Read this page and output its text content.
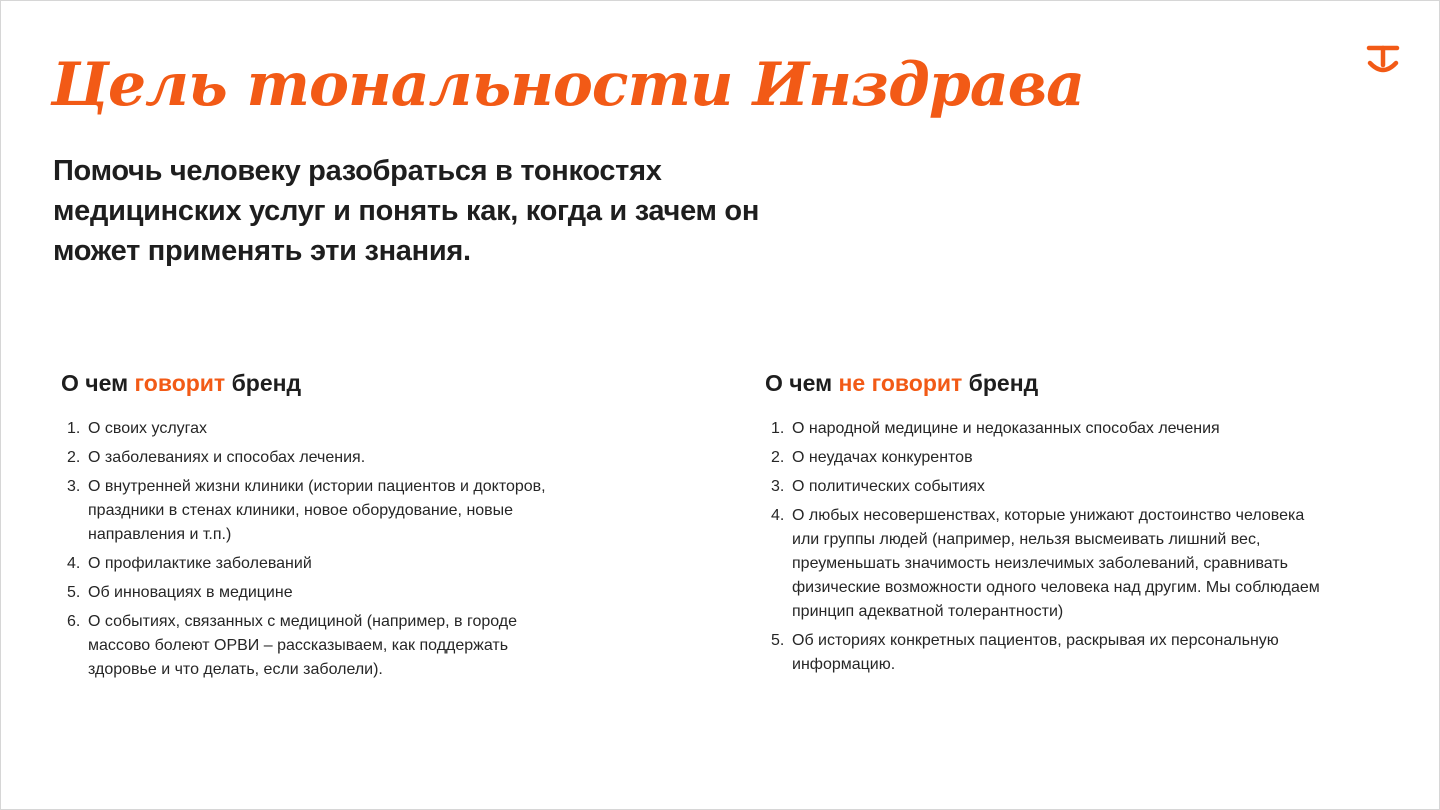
Цель тональности Инздрава

Помочь человеку разобраться в тонкостях медицинских услуг и понять как, когда и зачем он может применять эти знания.

О чем говорит бренд
1. О своих услугах
2. О заболеваниях и способах лечения.
3. О внутренней жизни клиники (истории пациентов и докторов, праздники в стенах клиники, новое оборудование, новые направления и т.п.)
4. О профилактике заболеваний
5. Об инновациях в медицине
6. О событиях, связанных с медициной (например, в городе массово болеют ОРВИ – рассказываем, как поддержать здоровье и что делать, если заболели).
О чем не говорит бренд
1. О народной медицине и недоказанных способах лечения
2. О неудачах конкурентов
3. О политических событиях
4. О любых несовершенствах, которые унижают достоинство человека или группы людей (например, нельзя высмеивать лишний вес, преуменьшать значимость неизлечимых заболеваний, сравнивать физические возможности одного человека над другим. Мы соблюдаем принцип адекватной толерантности)
5. Об историях конкретных пациентов, раскрывая их персональную информацию.
